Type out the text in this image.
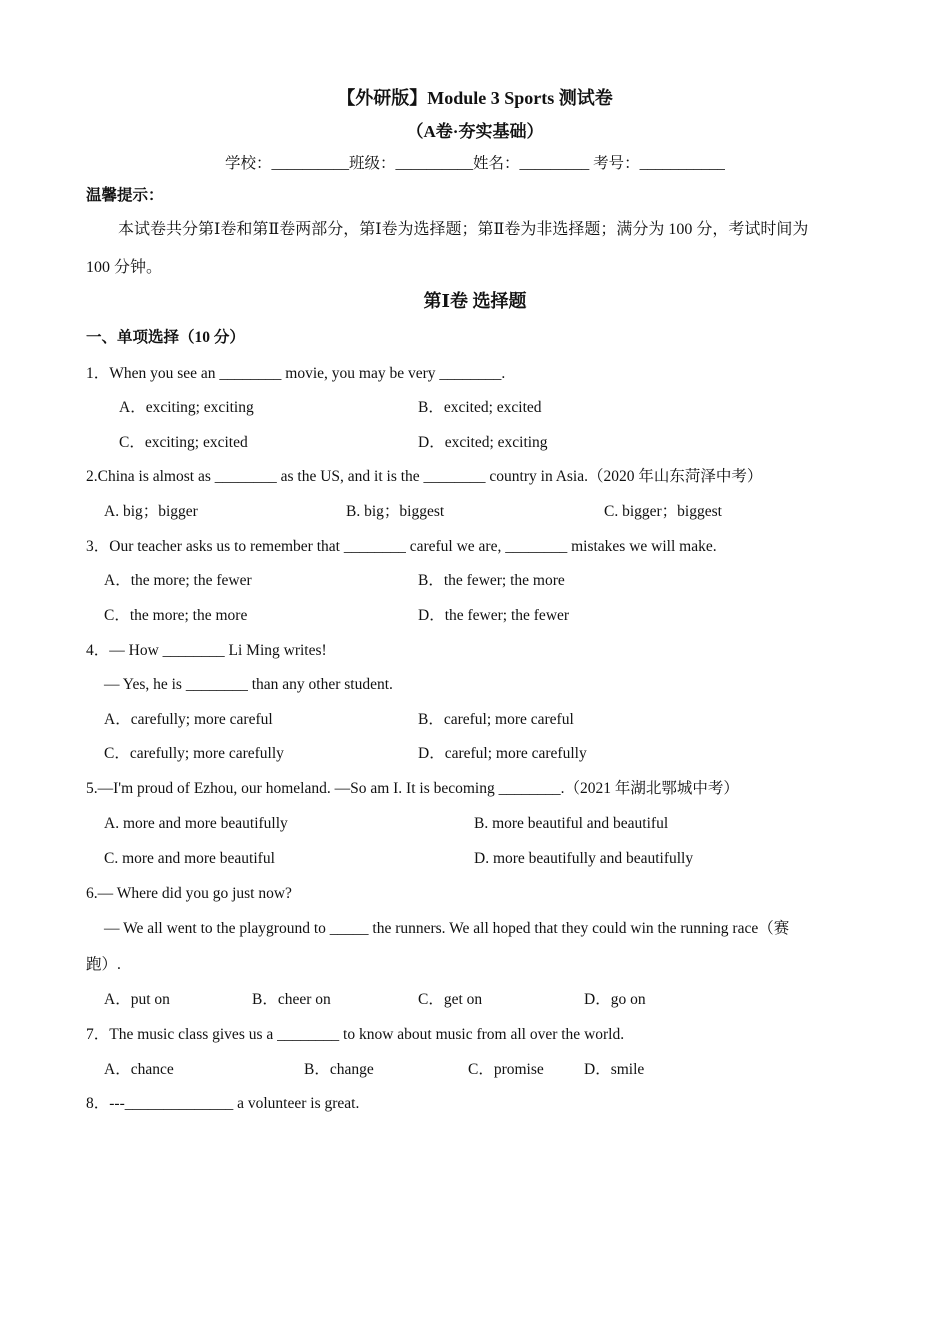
【外研版】Module 3 Sports 测试卷
（A卷·夯实基础）
学校：__________班级：__________姓名：_________ 考号：___________
温馨提示：
本试卷共分第Ⅰ卷和第Ⅱ卷两部分，第Ⅰ卷为选择题；第Ⅱ卷为非选择题；满分为 100 分，考试时间为
100 分钟。
第Ⅰ卷 选择题
一、单项选择（10 分）
1．When you see an ________ movie, you may be very ________.
A．exciting; exciting	B．excited; excited
C．exciting; excited	D．excited; exciting
2.China is almost as ________ as the US, and it is the ________ country in Asia.（2020 年山东菏泽中考）
A. big；bigger	B. big；biggest	C. bigger；biggest
3．Our teacher asks us to remember that ________ careful we are, ________ mistakes we will make.
A．the more; the fewer	B．the fewer; the more
C．the more; the more	D．the fewer; the fewer
4．— How ________ Li Ming writes!
— Yes, he is ________ than any other student.
A．carefully; more careful	B．careful; more careful
C．carefully; more carefully	D．careful; more carefully
5.—I'm proud of Ezhou, our homeland. —So am I. It is becoming ________.（2021 年湖北鄂城中考）
A. more and more beautifully	B. more beautiful and beautiful
C. more and more beautiful	D. more beautifully and beautifully
6.— Where did you go just now?
— We all went to the playground to _____ the runners. We all hoped that they could win the running race（赛
跑）.
A．put on	B．cheer on	C．get on	D．go on
7．The music class gives us a ________ to know about music from all over the world.
A．chance	B．change	C．promise	D．smile
8．---______________ a volunteer is great.
